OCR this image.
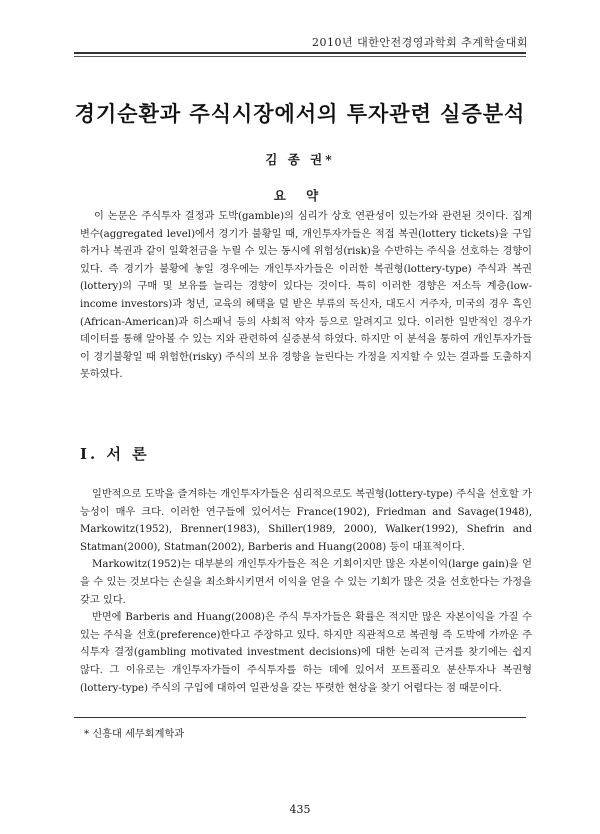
2010년 대한안전경영과학회 추계학술대회
경기순환과 주식시장에서의 투자관련 실증분석
김 종 권*
요 약

이 논문은 주식투자 결정과 도박(gamble)의 심리가 상호 연관성이 있는가와 관련된 것이다. 집계변수(aggregated level)에서 경기가 불황일 때, 개인투자가들은 적접 복권(lottery tickets)을 구입하거나 복권과 같이 일확천금을 누릴 수 있는 동시에 위험성(risk)을 수반하는 주식을 선호하는 경향이 있다. 즉 경기가 불황에 놓일 경우에는 개인투자가들은 이러한 복권형(lottery-type) 주식과 복권(lottery)의 구매 및 보유를 늘리는 경향이 있다는 것이다. 특히 이러한 경향은 저소득 계층(low-income investors)과 청년, 교육의 혜택을 덜 받은 부류의 독신자, 대도시 거주자, 미국의 경우 흑인(African-American)과 히스패닉 등의 사회적 약자 등으로 알려지고 있다. 이러한 일반적인 경우가 데이터를 통해 알아볼 수 있는 지와 관련하여 실증분석 하였다. 하지만 이 분석을 통하여 개인투자가들이 경기불황일 때 위험한(risky) 주식의 보유 경향을 늘린다는 가정을 지지할 수 있는 결과를 도출하지 못하였다.

Ⅰ. 서 론

일반적으로 도박을 즐겨하는 개인투자가들은 심리적으로도 복권형(lottery-type) 주식을 선호할 가능성이 매우 크다. 이러한 연구들에 있어서는 France(1902), Friedman and Savage(1948), Markowitz(1952), Brenner(1983), Shiller(1989, 2000), Walker(1992), Shefrin and Statman(2000), Statman(2002), Barberis and Huang(2008) 등이 대표적이다.

Markowitz(1952)는 대부분의 개인투자가들은 적은 기회이지만 많은 자본이익(large gain)을 얻을 수 있는 것보다는 손실을 최소화시키면서 이익을 얻을 수 있는 기회가 많은 것을 선호한다는 가정을 갖고 있다.

반면에 Barberis and Huang(2008)은 주식 투자가들은 확률은 적지만 많은 자본이익을 가질 수 있는 주식을 선호(preference)한다고 주장하고 있다. 하지만 직관적으로 복권형 즉 도박에 가까운 주식투자 결정(gambling motivated investment decisions)에 대한 논리적 근거를 찾기에는 쉽지 않다. 그 이유로는 개인투자가들이 주식투자를 하는 데에 있어서 포트폴리오 분산투자나 복권형(lottery-type) 주식의 구입에 대하여 일관성을 갖는 뚜렷한 현상을 찾기 어렵다는 점 때문이다.

* 신흥대 세무회계학과
435
